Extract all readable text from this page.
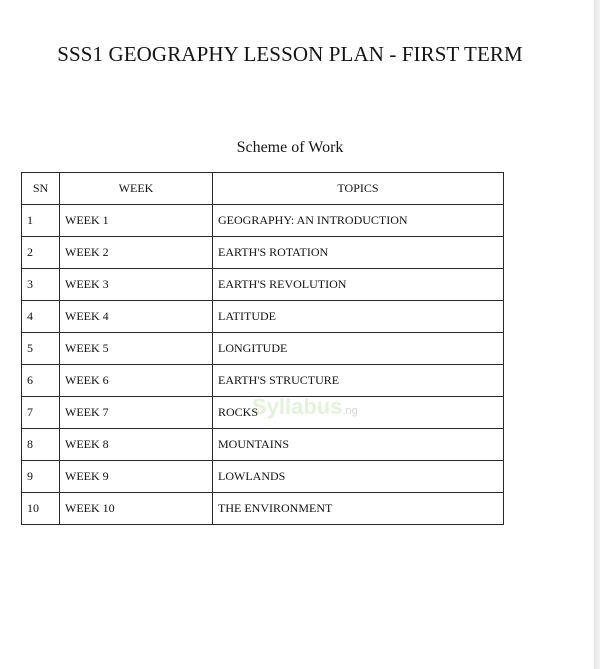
SSS1 GEOGRAPHY LESSON PLAN - FIRST TERM
Scheme of Work
SN	WEEK	TOPICS
1	WEEK 1	GEOGRAPHY: AN INTRODUCTION
2	WEEK 2	EARTH'S ROTATION
3	WEEK 3	EARTH'S REVOLUTION
4	WEEK 4	LATITUDE
5	WEEK 5	LONGITUDE
6	WEEK 6	EARTH'S STRUCTURE
7	WEEK 7	ROCKS
8	WEEK 8	MOUNTAINS
9	WEEK 9	LOWLANDS
10	WEEK 10	THE ENVIRONMENT
Syllabus.ng
